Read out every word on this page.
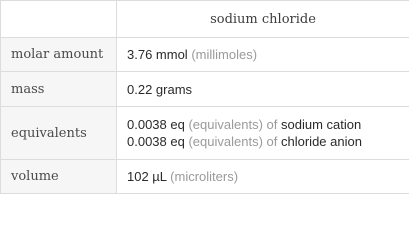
	sodium chloride
molar amount	3.76 mmol (millimoles)
mass	0.22 grams
equivalents	0.0038 eq (equivalents) of sodium cation
0.0038 eq (equivalents) of chloride anion

volume	102 µL (microliters)
